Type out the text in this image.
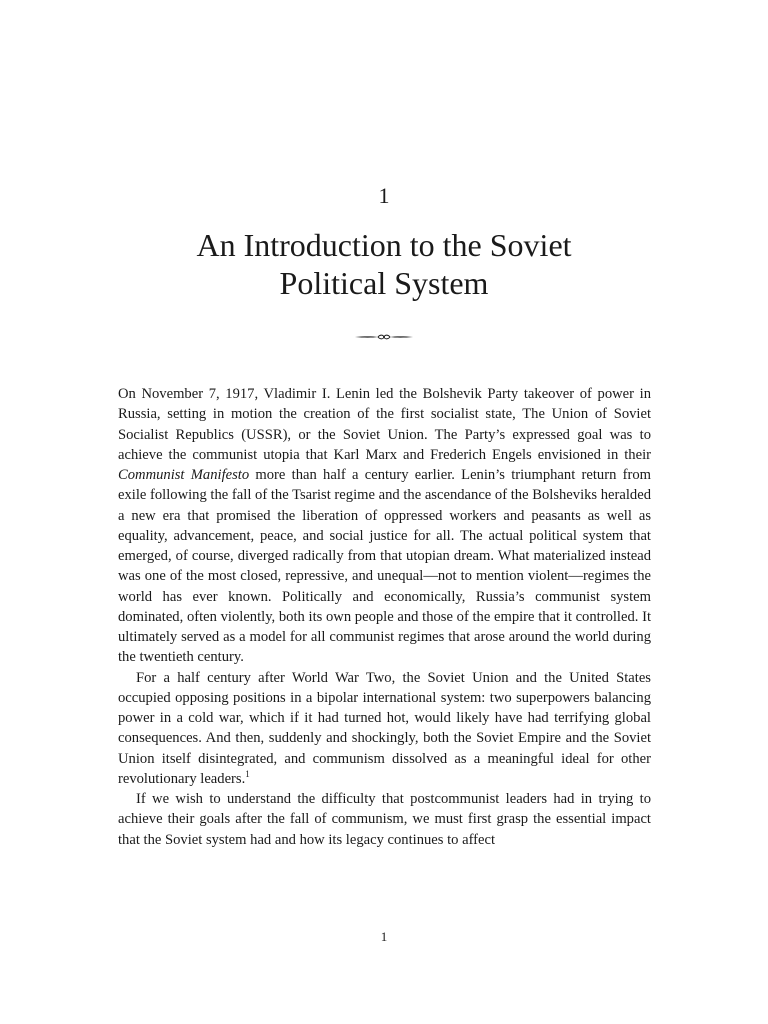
1
An Introduction to the Soviet
Political System

On November 7, 1917, Vladimir I. Lenin led the Bolshevik Party takeover of power in Russia, setting in motion the creation of the first socialist state, The Union of Soviet Socialist Republics (USSR), or the Soviet Union. The Party’s expressed goal was to achieve the communist utopia that Karl Marx and Frederich Engels envisioned in their Communist Manifesto more than half a century earlier. Lenin’s triumphant return from exile following the fall of the Tsarist regime and the ascendance of the Bolsheviks heralded a new era that promised the liberation of oppressed workers and peasants as well as equality, advancement, peace, and social justice for all. The actual political system that emerged, of course, diverged radically from that utopian dream. What materialized instead was one of the most closed, repressive, and unequal—not to mention violent—regimes the world has ever known. Politically and economically, Russia’s communist system dominated, often violently, both its own people and those of the empire that it controlled. It ultimately served as a model for all communist regimes that arose around the world during the twentieth century.

For a half century after World War Two, the Soviet Union and the United States occupied opposing positions in a bipolar international system: two superpowers balancing power in a cold war, which if it had turned hot, would likely have had terrifying global consequences. And then, suddenly and shockingly, both the Soviet Empire and the Soviet Union itself disintegrated, and communism dissolved as a meaningful ideal for other revolutionary leaders.$^1$

If we wish to understand the difficulty that postcommunist leaders had in trying to achieve their goals after the fall of communism, we must first grasp the essential impact that the Soviet system had and how its legacy continues to affect

1
